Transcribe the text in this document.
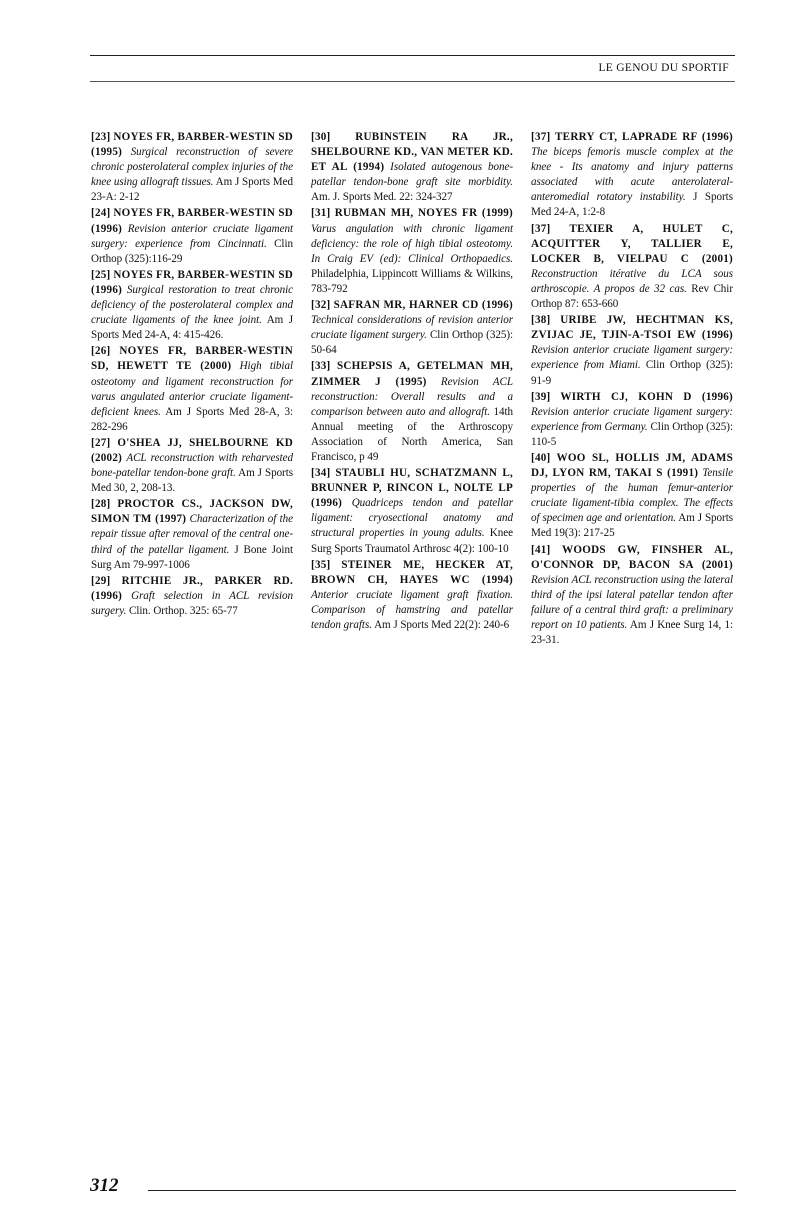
LE GENOU DU SPORTIF

[23] NOYES FR, BARBER-WESTIN SD (1995) Surgical reconstruction of severe chronic posterolateral complex injuries of the knee using allograft tissues. Am J Sports Med 23-A: 2-12

[24] NOYES FR, BARBER-WESTIN SD (1996) Revision anterior cruciate ligament surgery: experience from Cincinnati. Clin Orthop (325):116-29

[25] NOYES FR, BARBER-WESTIN SD (1996) Surgical restoration to treat chronic deficiency of the posterolateral complex and cruciate ligaments of the knee joint. Am J Sports Med 24-A, 4: 415-426.

[26] NOYES FR, BARBER-WESTIN SD, HEWETT TE (2000) High tibial osteotomy and ligament reconstruction for varus angulated anterior cruciate ligament-deficient knees. Am J Sports Med 28-A, 3: 282-296

[27] O'SHEA JJ, SHELBOURNE KD (2002) ACL reconstruction with reharvested bone-patellar tendon-bone graft. Am J Sports Med 30, 2, 208-13.

[28] PROCTOR CS., JACKSON DW, SIMON TM (1997) Characterization of the repair tissue after removal of the central one-third of the patellar ligament. J Bone Joint Surg Am 79-997-1006

[29] RITCHIE JR., PARKER RD. (1996) Graft selection in ACL revision surgery. Clin. Orthop. 325: 65-77

[30] RUBINSTEIN RA JR., SHELBOURNE KD., VAN METER KD. ET AL (1994) Isolated autogenous bone-patellar tendon-bone graft site morbidity. Am. J. Sports Med. 22: 324-327

[31] RUBMAN MH, NOYES FR (1999) Varus angulation with chronic ligament deficiency: the role of high tibial osteotomy. In Craig EV (ed): Clinical Orthopaedics. Philadelphia, Lippincott Williams & Wilkins, 783-792

[32] SAFRAN MR, HARNER CD (1996) Technical considerations of revision anterior cruciate ligament surgery. Clin Orthop (325): 50-64

[33] SCHEPSIS A, GETELMAN MH, ZIMMER J (1995) Revision ACL reconstruction: Overall results and a comparison between auto and allograft. 14th Annual meeting of the Arthroscopy Association of North America, San Francisco, p 49

[34] STAUBLI HU, SCHATZMANN L, BRUNNER P, RINCON L, NOLTE LP (1996) Quadriceps tendon and patellar ligament: cryosectional anatomy and structural properties in young adults. Knee Surg Sports Traumatol Arthrosc 4(2): 100-10

[35] STEINER ME, HECKER AT, BROWN CH, HAYES WC (1994) Anterior cruciate ligament graft fixation. Comparison of hamstring and patellar tendon grafts. Am J Sports Med 22(2): 240-6

[37] TERRY CT, LAPRADE RF (1996) The biceps femoris muscle complex at the knee - Its anatomy and injury patterns associated with acute anterolateral-anteromedial rotatory instability. J Sports Med 24-A, 1:2-8

[37] TEXIER A, HULET C, ACQUITTER Y, TALLIER E, LOCKER B, VIELPAU C (2001) Reconstruction itérative du LCA sous arthroscopie. A propos de 32 cas. Rev Chir Orthop 87: 653-660

[38] URIBE JW, HECHTMAN KS, ZVIJAC JE, TJIN-A-TSOI EW (1996) Revision anterior cruciate ligament surgery: experience from Miami. Clin Orthop (325): 91-9

[39] WIRTH CJ, KOHN D (1996) Revision anterior cruciate ligament surgery: experience from Germany. Clin Orthop (325): 110-5

[40] WOO SL, HOLLIS JM, ADAMS DJ, LYON RM, TAKAI S (1991) Tensile properties of the human femur-anterior cruciate ligament-tibia complex. The effects of specimen age and orientation. Am J Sports Med 19(3): 217-25

[41] WOODS GW, FINSHER AL, O'CONNOR DP, BACON SA (2001) Revision ACL reconstruction using the lateral third of the ipsi lateral patellar tendon after failure of a central third graft: a preliminary report on 10 patients. Am J Knee Surg 14, 1: 23-31.

312
